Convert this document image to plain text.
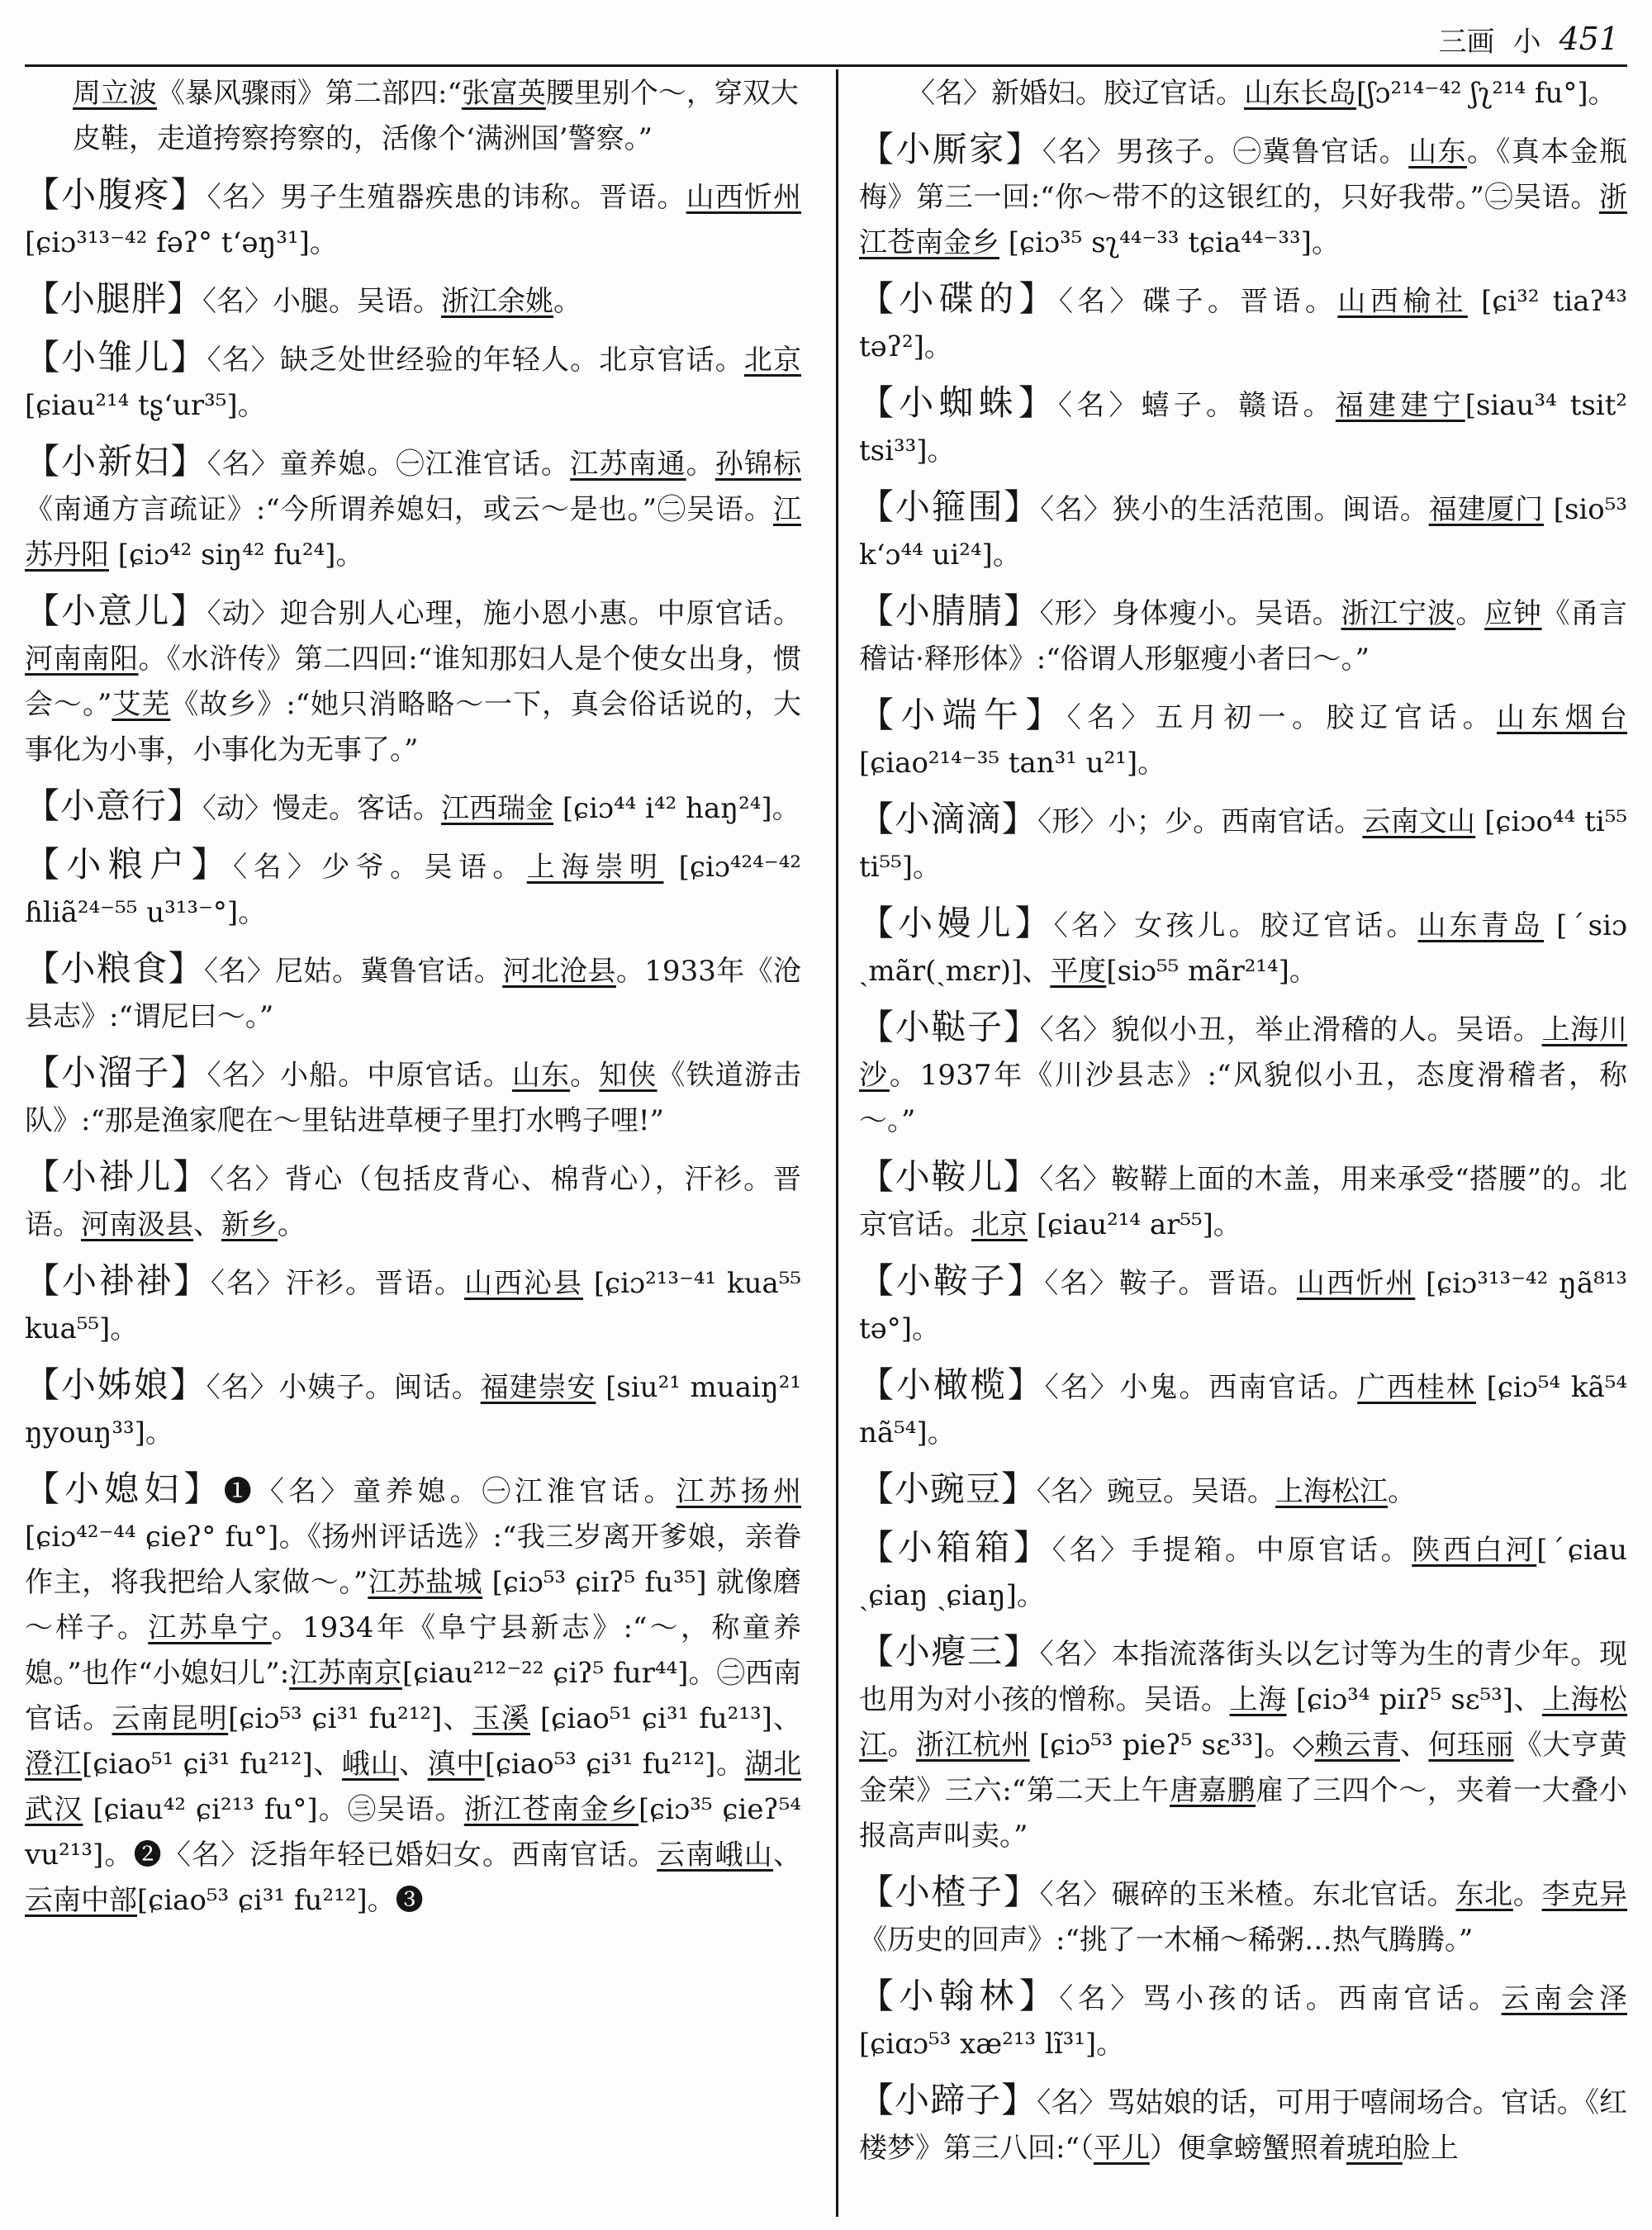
三画 小 451
周立波《暴风骤雨》第二部四:“张富英腰里别个～，穿双大皮鞋，走道挎察挎察的，活像个‘满洲国’警察。”
【小腹疼】〈名〉男子生殖器疾患的讳称。晋语。山西忻州 [ɕiɔ³¹³⁻⁴² fəʔ° t‘əŋ³¹]。
【小腿胖】〈名〉小腿。吴语。浙江余姚。
【小雏儿】〈名〉缺乏处世经验的年轻人。北京官话。北京 [ɕiau²¹⁴ tʂ‘ur³⁵]。
【小新妇】〈名〉童养媳。㊀江淮官话。江苏南通。孙锦标《南通方言疏证》:“今所谓养媳妇，或云～是也。”㊁吴语。江苏丹阳 [ɕiɔ⁴² siŋ⁴² fu²⁴]。
【小意儿】〈动〉迎合别人心理，施小恩小惠。中原官话。河南南阳。《水浒传》第二四回:“谁知那妇人是个使女出身，惯会～。”艾芜《故乡》:“她只消略略～一下，真会俗话说的，大事化为小事，小事化为无事了。”
【小意行】〈动〉慢走。客话。江西瑞金 [ɕiɔ⁴⁴ i⁴² haŋ²⁴]。
【小粮户】〈名〉少爷。吴语。上海崇明 [ɕiɔ⁴²⁴⁻⁴² ɦliã²⁴⁻⁵⁵ u³¹³⁻°]。
【小粮食】〈名〉尼姑。冀鲁官话。河北沧县。1933年《沧县志》:“谓尼曰～。”
【小溜子】〈名〉小船。中原官话。山东。知侠《铁道游击队》:“那是渔家爬在～里钻进草梗子里打水鸭子哩!”
【小褂儿】〈名〉背心（包括皮背心、棉背心），汗衫。晋语。河南汲县、新乡。
【小褂褂】〈名〉汗衫。晋语。山西沁县 [ɕiɔ²¹³⁻⁴¹ kua⁵⁵ kua⁵⁵]。
【小姊娘】〈名〉小姨子。闽话。福建崇安 [siu²¹ muaiŋ²¹ ŋyouŋ³³]。
【小媳妇】❶〈名〉童养媳。㊀江淮官话。江苏扬州 [ɕiɔ⁴²⁻⁴⁴ ɕieʔ° fu°]。《扬州评话选》:“我三岁离开爹娘，亲眷作主，将我把给人家做～。”江苏盐城 [ɕiɔ⁵³ ɕiɪʔ⁵ fu³⁵] 就像磨～样子。江苏阜宁。1934年《阜宁县新志》:“～，称童养媳。”也作“小媳妇儿”:江苏南京[ɕiau²¹²⁻²² ɕiʔ⁵ fur⁴⁴]。㊁西南官话。云南昆明[ɕiɔ⁵³ ɕi³¹ fu²¹²]、玉溪 [ɕiao⁵¹ ɕi³¹ fu²¹³]、澄江[ɕiao⁵¹ ɕi³¹ fu²¹²]、峨山、滇中[ɕiao⁵³ ɕi³¹ fu²¹²]。湖北武汉 [ɕiau⁴² ɕi²¹³ fu°]。㊂吴语。浙江苍南金乡[ɕiɔ³⁵ ɕieʔ⁵⁴ vu²¹³]。❷〈名〉泛指年轻已婚妇女。西南官话。云南峨山、云南中部[ɕiao⁵³ ɕi³¹ fu²¹²]。❸
〈名〉新婚妇。胶辽官话。山东长岛[ʃɔ²¹⁴⁻⁴² ʃʅ²¹⁴ fu°]。
【小厮家】〈名〉男孩子。㊀冀鲁官话。山东。《真本金瓶梅》第三一回:“你～带不的这银红的，只好我带。”㊁吴语。浙江苍南金乡 [ɕiɔ³⁵ sʅ⁴⁴⁻³³ tɕia⁴⁴⁻³³]。
【小碟的】〈名〉碟子。晋语。山西榆社 [ɕi³² tiaʔ⁴³ təʔ²]。
【小蜘蛛】〈名〉蟢子。赣语。福建建宁[siau³⁴ tsit² tsi³³]。
【小箍围】〈名〉狭小的生活范围。闽语。福建厦门 [sio⁵³ k‘ɔ⁴⁴ ui²⁴]。
【小腈腈】〈形〉身体瘦小。吴语。浙江宁波。应钟《甬言稽诂·释形体》:“俗谓人形躯瘦小者曰～。”
【小端午】〈名〉五月初一。胶辽官话。山东烟台 [ɕiao²¹⁴⁻³⁵ tan³¹ u²¹]。
【小滴滴】〈形〉小；少。西南官话。云南文山 [ɕiɔo⁴⁴ ti⁵⁵ ti⁵⁵]。
【小嫚儿】〈名〉女孩儿。胶辽官话。山东青岛 [ˊsiɔ ˏmãr(ˏmɛr)]、平度[siɔ⁵⁵ mãr²¹⁴]。
【小鞑子】〈名〉貌似小丑，举止滑稽的人。吴语。上海川沙。1937年《川沙县志》:“风貌似小丑，态度滑稽者，称～。”
【小鞍儿】〈名〉鞍鞯上面的木盖，用来承受“搭腰”的。北京官话。北京 [ɕiau²¹⁴ ar⁵⁵]。
【小鞍子】〈名〉鞍子。晋语。山西忻州 [ɕiɔ³¹³⁻⁴² ŋã⁸¹³ tə°]。
【小橄榄】〈名〉小鬼。西南官话。广西桂林 [ɕiɔ⁵⁴ kã⁵⁴ nã⁵⁴]。
【小豌豆】〈名〉豌豆。吴语。上海松江。
【小箱箱】〈名〉手提箱。中原官话。陕西白河[ˊɕiau ˏɕiaŋ ˏɕiaŋ]。
【小瘪三】〈名〉本指流落街头以乞讨等为生的青少年。现也用为对小孩的憎称。吴语。上海 [ɕiɔ³⁴ piɪʔ⁵ sɛ⁵³]、上海松江。浙江杭州 [ɕiɔ⁵³ pieʔ⁵ sɛ³³]。◇赖云青、何珏丽《大亨黄金荣》三六:“第二天上午唐嘉鹏雇了三四个～，夹着一大叠小报高声叫卖。”
【小楂子】〈名〉碾碎的玉米楂。东北官话。东北。李克异《历史的回声》:“挑了一木桶～稀粥…热气腾腾。”
【小翰林】〈名〉骂小孩的话。西南官话。云南会泽 [ɕiɑɔ⁵³ xæ²¹³ lĩ³¹]。
【小蹄子】〈名〉骂姑娘的话，可用于嘻闹场合。官话。《红楼梦》第三八回:“（平儿）便拿螃蟹照着琥珀脸上
